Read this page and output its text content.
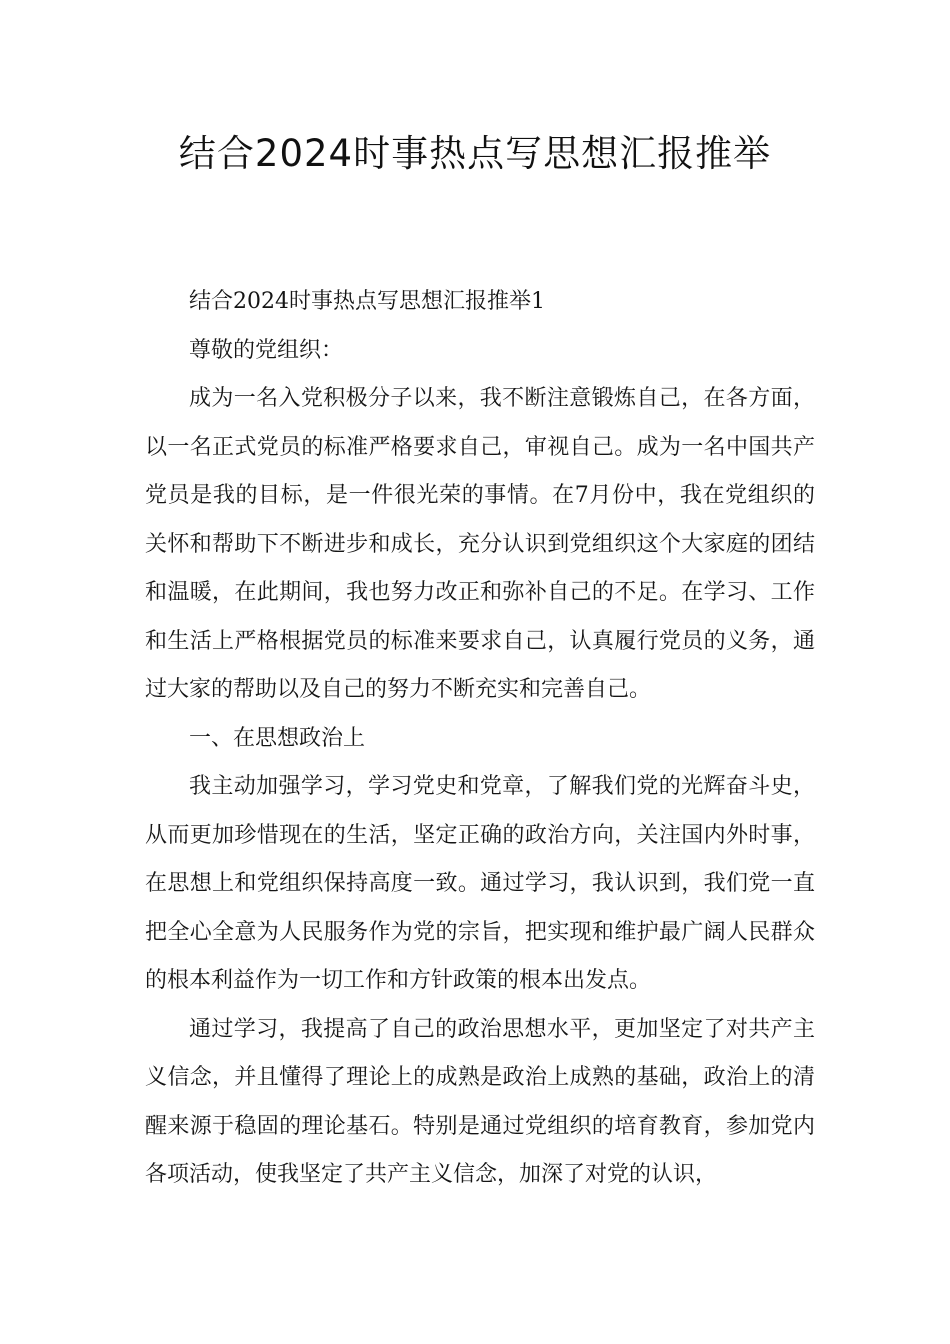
结合2024时事热点写思想汇报推举

结合2024时事热点写思想汇报推举1

尊敬的党组织：

成为一名入党积极分子以来，我不断注意锻炼自己，在各方面，以一名正式党员的标准严格要求自己，审视自己。成为一名中国共产党员是我的目标，是一件很光荣的事情。在7月份中，我在党组织的关怀和帮助下不断进步和成长，充分认识到党组织这个大家庭的团结和温暖，在此期间，我也努力改正和弥补自己的不足。在学习、工作和生活上严格根据党员的标准来要求自己，认真履行党员的义务，通过大家的帮助以及自己的努力不断充实和完善自己。

一、在思想政治上

我主动加强学习，学习党史和党章，了解我们党的光辉奋斗史，从而更加珍惜现在的生活，坚定正确的政治方向，关注国内外时事，在思想上和党组织保持高度一致。通过学习，我认识到，我们党一直把全心全意为人民服务作为党的宗旨，把实现和维护最广阔人民群众的根本利益作为一切工作和方针政策的根本出发点。

通过学习，我提高了自己的政治思想水平，更加坚定了对共产主义信念，并且懂得了理论上的成熟是政治上成熟的基础，政治上的清醒来源于稳固的理论基石。特别是通过党组织的培育教育，参加党内各项活动，使我坚定了共产主义信念，加深了对党的认识，
